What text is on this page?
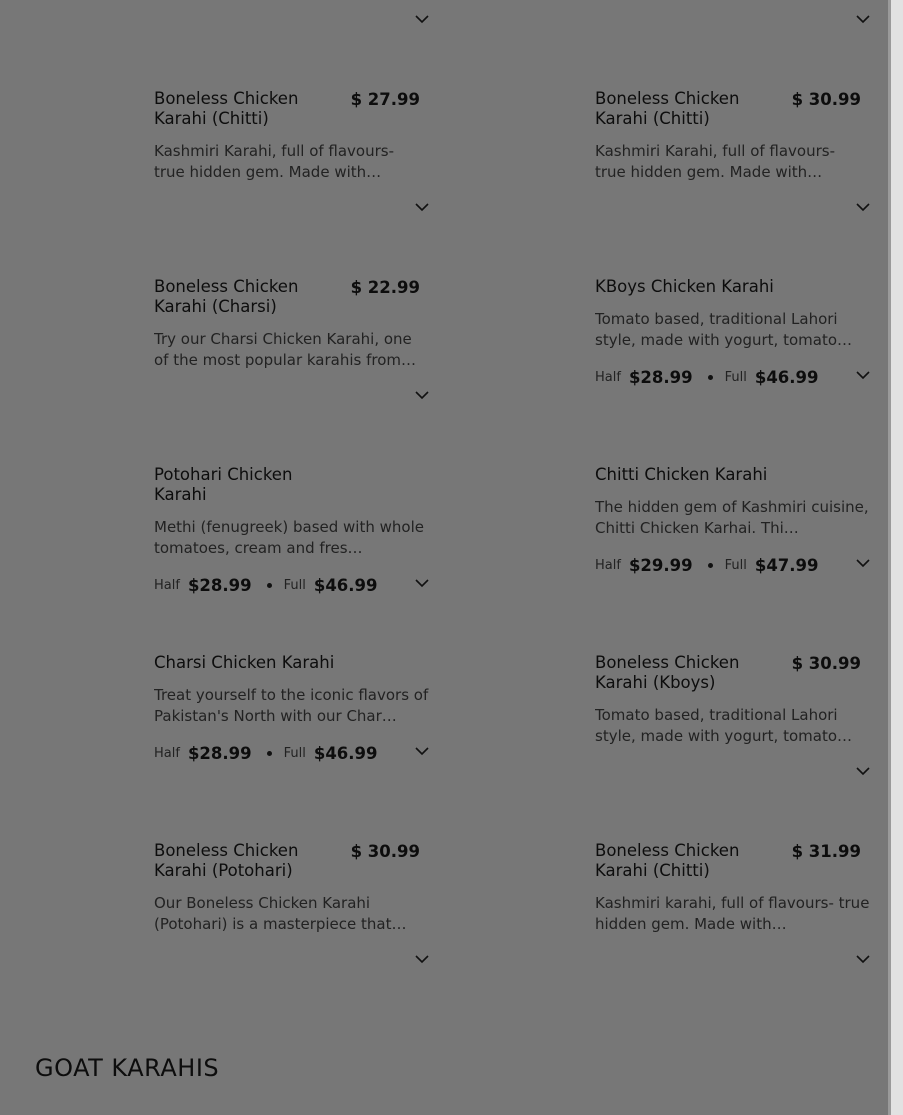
Boneless Chicken Karahi (Chitti)
$ 27.99
Kashmiri Karahi, full of flavours- true hidden gem. Made with…
Boneless Chicken Karahi (Chitti)
$ 30.99
Kashmiri Karahi, full of flavours- true hidden gem. Made with…
Boneless Chicken Karahi (Charsi)
$ 22.99
Try our Charsi Chicken Karahi, one of the most popular karahis from…
KBoys Chicken Karahi
Tomato based, traditional Lahori style, made with yogurt, tomato…
Half $28.99 Full $46.99
Potohari Chicken Karahi
Methi (fenugreek) based with whole tomatoes, cream and fres…
Half $28.99 Full $46.99
Chitti Chicken Karahi
The hidden gem of Kashmiri cuisine, Chitti Chicken Karhai. Thi…
Half $29.99 Full $47.99
Charsi Chicken Karahi
Treat yourself to the iconic flavors of Pakistan's North with our Char…
Half $28.99 Full $46.99
Boneless Chicken Karahi (Kboys)
$ 30.99
Tomato based, traditional Lahori style, made with yogurt, tomato…
Boneless Chicken Karahi (Potohari)
$ 30.99
Our Boneless Chicken Karahi (Potohari) is a masterpiece that…
Boneless Chicken Karahi (Chitti)
$ 31.99
Kashmiri karahi, full of flavours- true hidden gem. Made with…
GOAT KARAHIS
